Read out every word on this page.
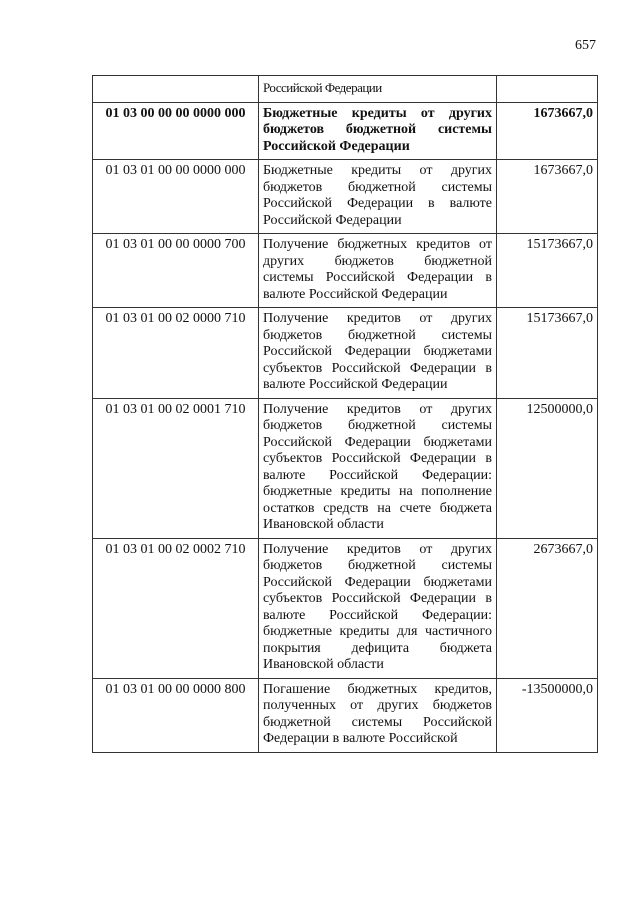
657
	Российской Федерации	
01 03 00 00 00 0000 000	Бюджетные кредиты от других бюджетов бюджетной системы Российской Федерации	1673667,0
01 03 01 00 00 0000 000	Бюджетные кредиты от других бюджетов бюджетной системы Российской Федерации в валюте Российской Федерации	1673667,0
01 03 01 00 00 0000 700	Получение бюджетных кредитов от других бюджетов бюджетной системы Российской Федерации в валюте Российской Федерации	15173667,0
01 03 01 00 02 0000 710	Получение кредитов от других бюджетов бюджетной системы Российской Федерации бюджетами субъектов Российской Федерации в валюте Российской Федерации	15173667,0
01 03 01 00 02 0001 710	Получение кредитов от других бюджетов бюджетной системы Российской Федерации бюджетами субъектов Российской Федерации в валюте Российской Федерации: бюджетные кредиты на пополнение остатков средств на счете бюджета Ивановской области	12500000,0
01 03 01 00 02 0002 710	Получение кредитов от других бюджетов бюджетной системы Российской Федерации бюджетами субъектов Российской Федерации в валюте Российской Федерации: бюджетные кредиты для частичного покрытия дефицита бюджета Ивановской области	2673667,0
01 03 01 00 00 0000 800	Погашение бюджетных кредитов, полученных от других бюджетов бюджетной системы Российской Федерации в валюте Российской	-13500000,0
